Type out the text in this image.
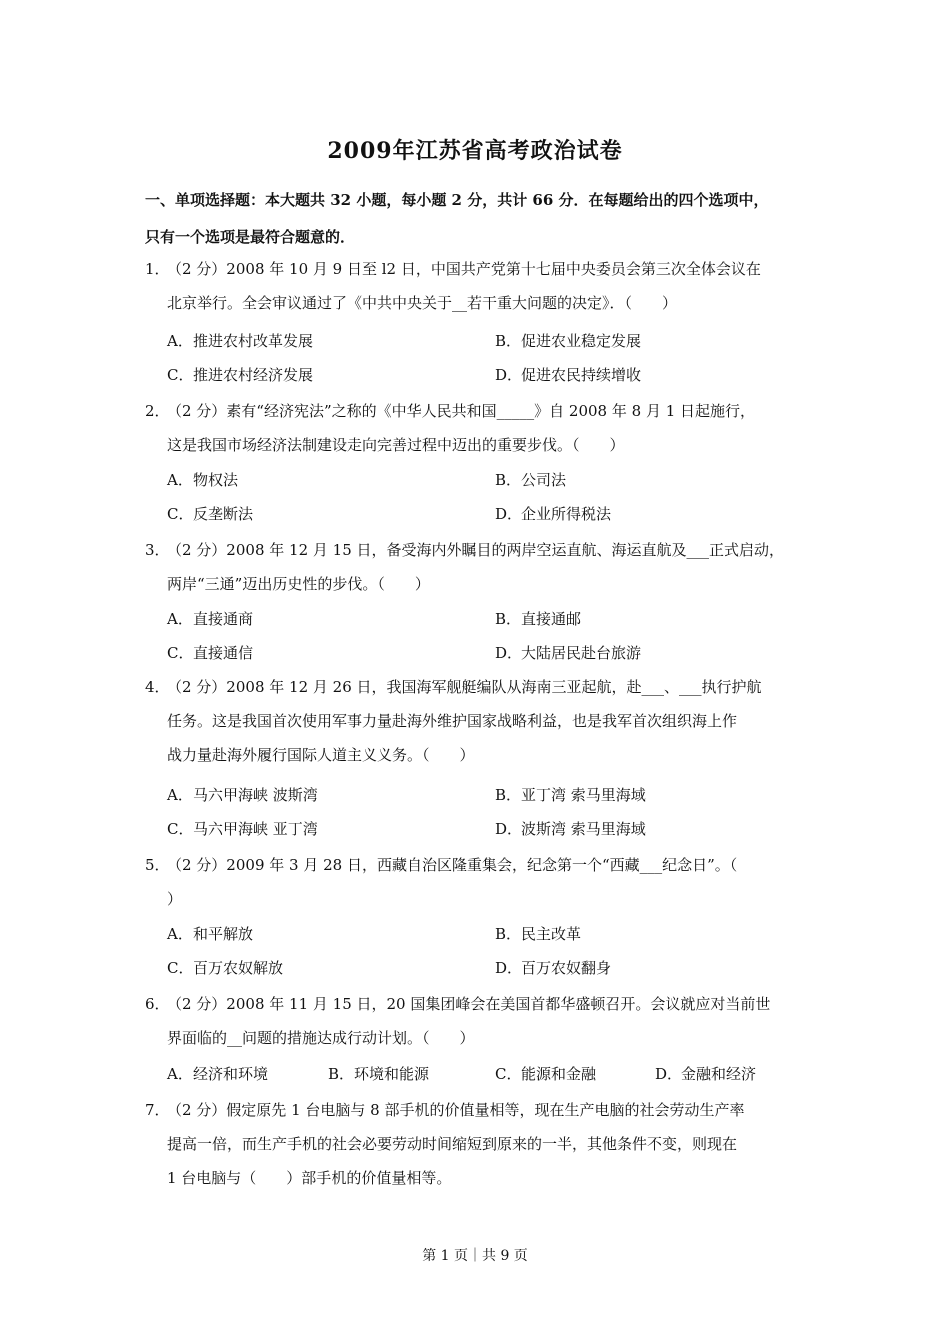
2009年江苏省高考政治试卷
一、单项选择题：本大题共 32 小题，每小题 2 分，共计 66 分．在每题给出的四个选项中，
只有一个选项是最符合题意的．
1．（2 分）2008 年 10 月 9 日至 l2 日，中国共产党第十七届中央委员会第三次全体会议在
北京举行。全会审议通过了《中共中央关于__若干重大问题的决定》．（　　）
A．推进农村改革发展	B．促进农业稳定发展
C．推进农村经济发展	D．促进农民持续增收
2．（2 分）素有“经济宪法”之称的《中华人民共和国_____》自 2008 年 8 月 1 日起施行，
这是我国市场经济法制建设走向完善过程中迈出的重要步伐。（　　）
A．物权法	B．公司法
C．反垄断法	D．企业所得税法
3．（2 分）2008 年 12 月 15 日，备受海内外瞩目的两岸空运直航、海运直航及___正式启动，
两岸“三通”迈出历史性的步伐。（　　）
A．直接通商	B．直接通邮
C．直接通信	D．大陆居民赴台旅游
4．（2 分）2008 年 12 月 26 日，我国海军舰艇编队从海南三亚起航，赴___、___执行护航
任务。这是我国首次使用军事力量赴海外维护国家战略利益，也是我军首次组织海上作
战力量赴海外履行国际人道主义义务。（　　）
A．马六甲海峡 波斯湾	B．亚丁湾 索马里海域
C．马六甲海峡 亚丁湾	D．波斯湾 索马里海域
5．（2 分）2009 年 3 月 28 日，西藏自治区隆重集会，纪念第一个“西藏___纪念日”。（
）
A．和平解放	B．民主改革
C．百万农奴解放	D．百万农奴翻身
6．（2 分）2008 年 11 月 15 日，20 国集团峰会在美国首都华盛顿召开。会议就应对当前世
界面临的__问题的措施达成行动计划。（　　）
A．经济和环境	B．环境和能源	C．能源和金融	D．金融和经济
7．（2 分）假定原先 1 台电脑与 8 部手机的价值量相等，现在生产电脑的社会劳动生产率
提高一倍，而生产手机的社会必要劳动时间缩短到原来的一半，其他条件不变，则现在
1 台电脑与（　　）部手机的价值量相等。
第 1 页｜共 9 页
